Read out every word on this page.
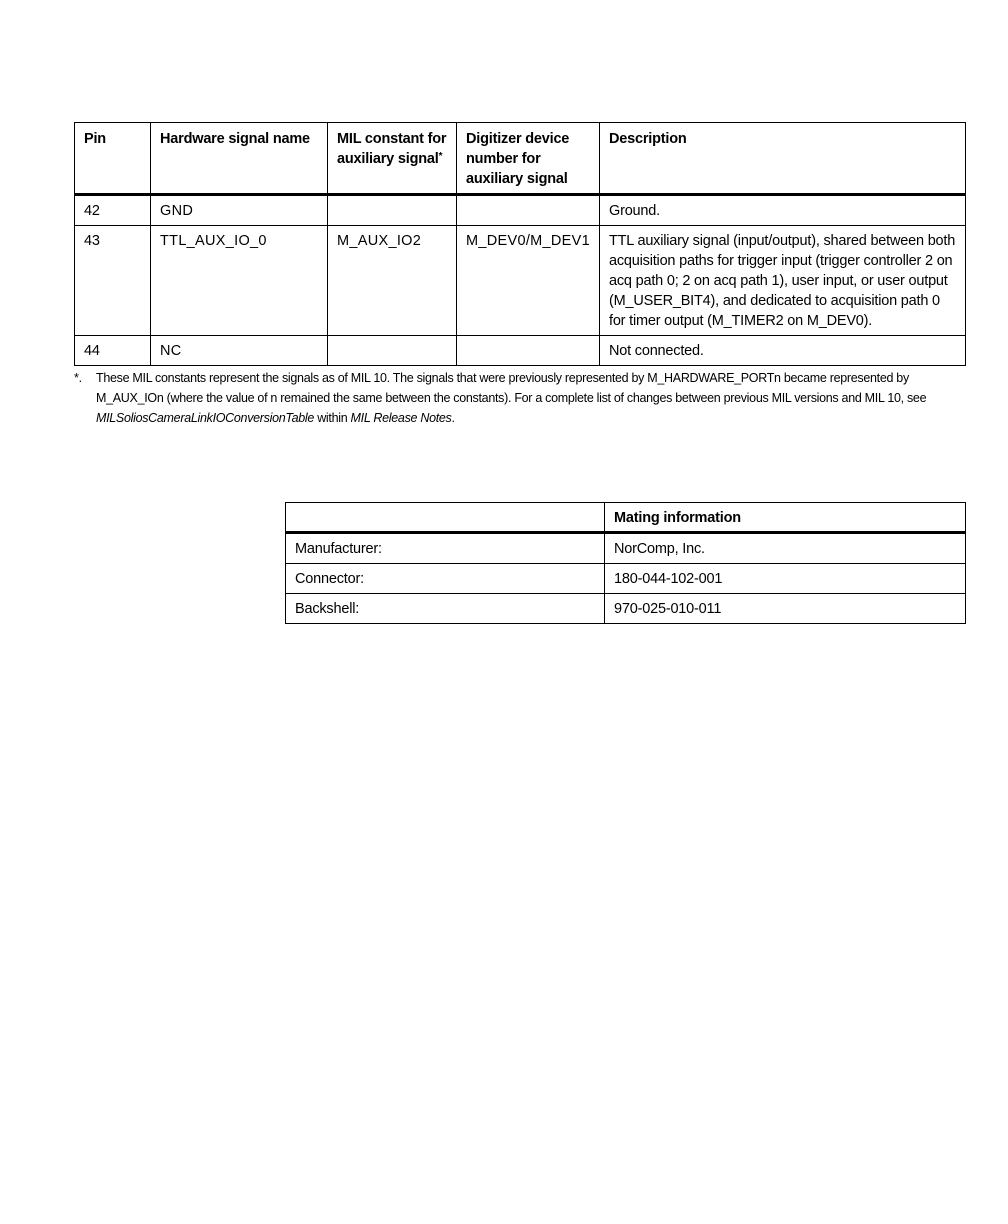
Pin	Hardware signal name	MIL constant for auxiliary signal*	Digitizer device number for auxiliary signal	Description
42	GND			Ground.
43	TTL_AUX_IO_0	M_AUX_IO2	M_DEV0/M_DEV1	TTL auxiliary signal (input/output), shared between both acquisition paths for trigger input (trigger controller 2 on acq path 0; 2 on acq path 1), user input, or user output (M_USER_BIT4), and dedicated to acquisition path 0 for timer output (M_TIMER2 on M_DEV0).
44	NC			Not connected.
*. These MIL constants represent the signals as of MIL 10. The signals that were previously represented by M_HARDWARE_PORTn became represented by M_AUX_IOn (where the value of n remained the same between the constants). For a complete list of changes between previous MIL versions and MIL 10, see MILSoliosCameraLinkIOConversionTable within MIL Release Notes.
	Mating information
Manufacturer:	NorComp, Inc.
Connector:	180-044-102-001
Backshell:	970-025-010-011
